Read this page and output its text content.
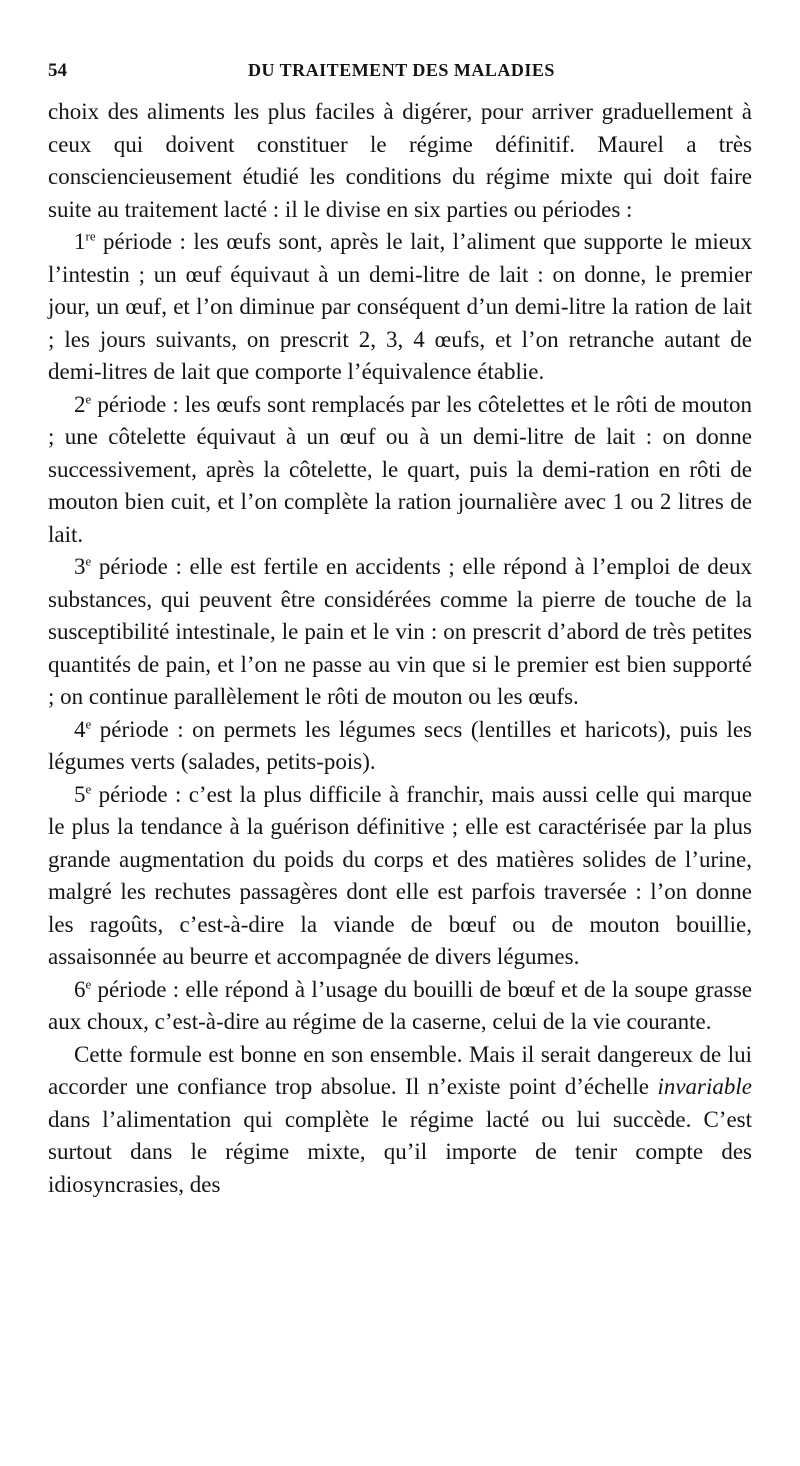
54	DU TRAITEMENT DES MALADIES

choix des aliments les plus faciles à digérer, pour arriver graduellement à ceux qui doivent constituer le régime définitif. Maurel a très consciencieusement étudié les conditions du régime mixte qui doit faire suite au traitement lacté : il le divise en six parties ou périodes :

1re période : les œufs sont, après le lait, l’aliment que supporte le mieux l’intestin ; un œuf équivaut à un demi-litre de lait : on donne, le premier jour, un œuf, et l’on diminue par conséquent d’un demi-litre la ration de lait ; les jours suivants, on prescrit 2, 3, 4 œufs, et l’on retranche autant de demi-litres de lait que comporte l’équivalence établie.

2e période : les œufs sont remplacés par les côtelettes et le rôti de mouton ; une côtelette équivaut à un œuf ou à un demi-litre de lait : on donne successivement, après la côtelette, le quart, puis la demi-ration en rôti de mouton bien cuit, et l’on complète la ration journalière avec 1 ou 2 litres de lait.

3e période : elle est fertile en accidents ; elle répond à l’emploi de deux substances, qui peuvent être considérées comme la pierre de touche de la susceptibilité intestinale, le pain et le vin : on prescrit d’abord de très petites quantités de pain, et l’on ne passe au vin que si le premier est bien supporté ; on continue parallèlement le rôti de mouton ou les œufs.

4e période : on permets les légumes secs (lentilles et haricots), puis les légumes verts (salades, petits-pois).

5e période : c’est la plus difficile à franchir, mais aussi celle qui marque le plus la tendance à la guérison définitive ; elle est caractérisée par la plus grande augmentation du poids du corps et des matières solides de l’urine, malgré les rechutes passagères dont elle est parfois traversée : l’on donne les ragoûts, c’est-à-dire la viande de bœuf ou de mouton bouillie, assaisonnée au beurre et accompagnée de divers légumes.

6e période : elle répond à l’usage du bouilli de bœuf et de la soupe grasse aux choux, c’est-à-dire au régime de la caserne, celui de la vie courante.

Cette formule est bonne en son ensemble. Mais il serait dangereux de lui accorder une confiance trop absolue. Il n’existe point d’échelle invariable dans l’alimentation qui complète le régime lacté ou lui succède. C’est surtout dans le régime mixte, qu’il importe de tenir compte des idiosyncrasies, des
